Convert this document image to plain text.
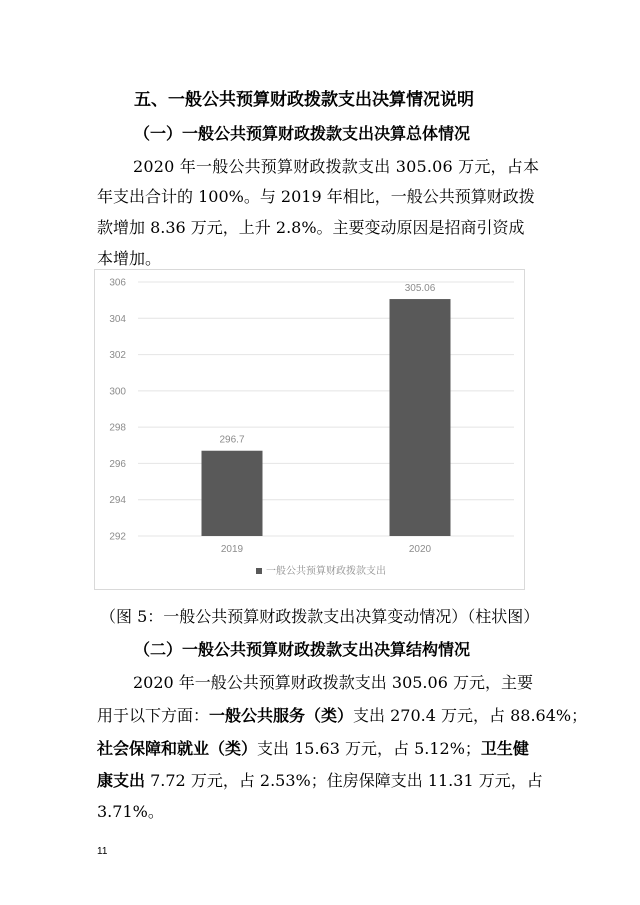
五、一般公共预算财政拨款支出决算情况说明
（一）一般公共预算财政拨款支出决算总体情况
2020 年一般公共预算财政拨款支出 305.06 万元，占本
年支出合计的 100%。与 2019 年相比，一般公共预算财政拨
款增加 8.36 万元，上升 2.8%。主要变动原因是招商引资成
本增加。
292
294
296
298
300
302
304
306
296.7
305.06
2019	2020
一般公共预算财政拨款支出
（图 5：一般公共预算财政拨款支出决算变动情况）（柱状图）
（二）一般公共预算财政拨款支出决算结构情况
2020 年一般公共预算财政拨款支出 305.06 万元，主要
用于以下方面：一般公共服务（类）支出 270.4 万元，占 88.64%；
社会保障和就业（类）支出 15.63 万元，占 5.12%；卫生健
康支出 7.72 万元，占 2.53%；住房保障支出 11.31 万元，占
3.71%。
11
